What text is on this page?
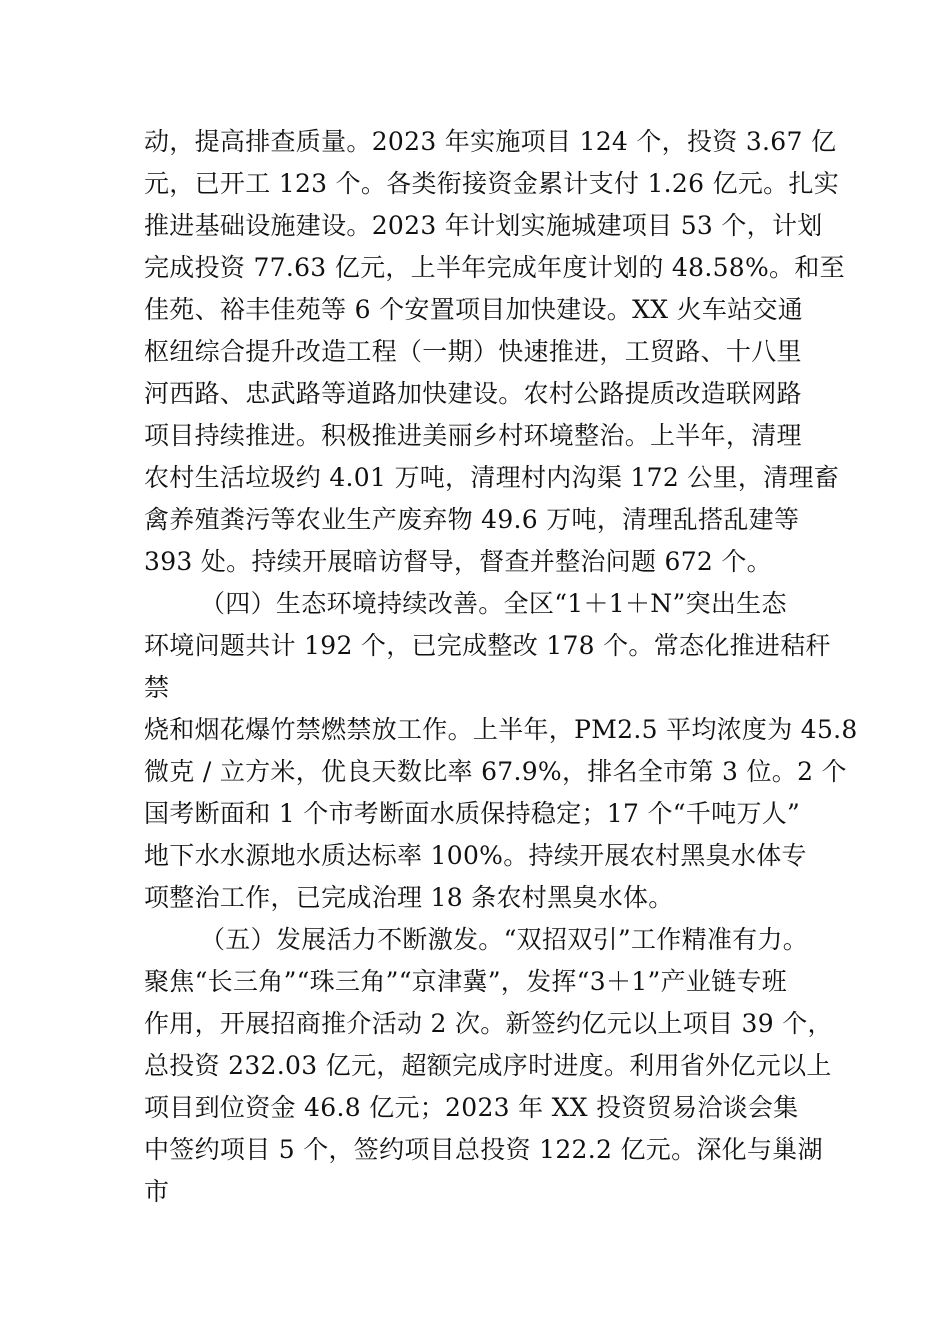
动，提高排查质量。2023 年实施项目 124 个，投资 3.67 亿
元，已开工 123 个。各类衔接资金累计支付 1.26 亿元。扎实
推进基础设施建设。2023 年计划实施城建项目 53 个，计划
完成投资 77.63 亿元，上半年完成年度计划的 48.58%。和至
佳苑、裕丰佳苑等 6 个安置项目加快建设。XX 火车站交通
枢纽综合提升改造工程（一期）快速推进，工贸路、十八里
河西路、忠武路等道路加快建设。农村公路提质改造联网路
项目持续推进。积极推进美丽乡村环境整治。上半年，清理
农村生活垃圾约 4.01 万吨，清理村内沟渠 172 公里，清理畜
禽养殖粪污等农业生产废弃物 49.6 万吨，清理乱搭乱建等
393 处。持续开展暗访督导，督查并整治问题 672 个。
（四）生态环境持续改善。全区“1＋1＋N”突出生态
环境问题共计 192 个，已完成整改 178 个。常态化推进秸秆
禁
烧和烟花爆竹禁燃禁放工作。上半年，PM2.5 平均浓度为 45.8
微克 / 立方米，优良天数比率 67.9%，排名全市第 3 位。2 个
国考断面和 1 个市考断面水质保持稳定；17 个“千吨万人”
地下水水源地水质达标率 100%。持续开展农村黑臭水体专
项整治工作，已完成治理 18 条农村黑臭水体。
（五）发展活力不断激发。“双招双引”工作精准有力。
聚焦“长三角”“珠三角”“京津冀”，发挥“3＋1”产业链专班
作用，开展招商推介活动 2 次。新签约亿元以上项目 39 个，
总投资 232.03 亿元，超额完成序时进度。利用省外亿元以上
项目到位资金 46.8 亿元；2023 年 XX 投资贸易洽谈会集
中签约项目 5 个，签约项目总投资 122.2 亿元。深化与巢湖
市
